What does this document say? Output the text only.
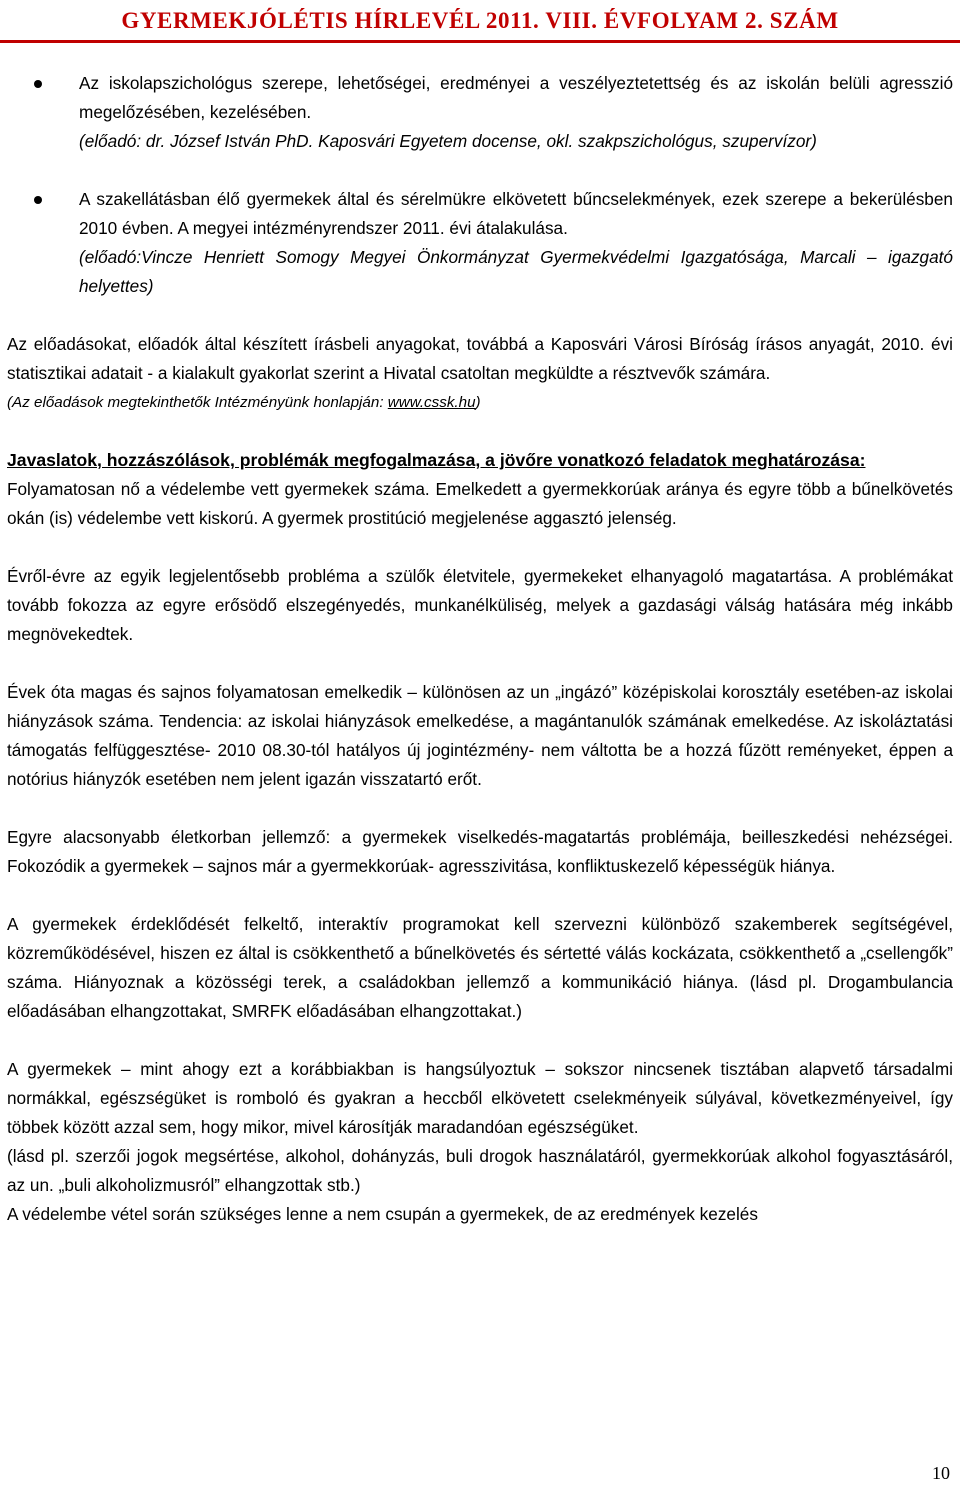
GYERMEKJÓLÉTIS HÍRLEVÉL 2011. VIII. ÉVFOLYAM 2. SZÁM

Az iskolapszichológus szerepe, lehetőségei, eredményei a veszélyeztetettség és az iskolán belüli agresszió megelőzésében, kezelésében.

(előadó: dr. József István PhD. Kaposvári Egyetem docense, okl. szakpszichológus, szupervízor)

A szakellátásban élő gyermekek által és sérelmükre elkövetett bűncselekmények, ezek szerepe a bekerülésben 2010 évben. A megyei intézményrendszer 2011. évi átalakulása.

(előadó:Vincze Henriett Somogy Megyei Önkormányzat Gyermekvédelmi Igazgatósága, Marcali – igazgató helyettes)

Az előadásokat, előadók által készített írásbeli anyagokat, továbbá a Kaposvári Városi Bíróság írásos anyagát, 2010. évi statisztikai adatait - a kialakult gyakorlat szerint a Hivatal csatoltan megküldte a résztvevők számára.

(Az előadások megtekinthetők Intézményünk honlapján: www.cssk.hu)

Javaslatok, hozzászólások, problémák megfogalmazása, a jövőre vonatkozó feladatok meghatározása:

Folyamatosan nő a védelembe vett gyermekek száma. Emelkedett a gyermekkorúak aránya és egyre több a bűnelkövetés okán (is) védelembe vett kiskorú. A gyermek prostitúció megjelenése aggasztó jelenség.

Évről-évre az egyik legjelentősebb probléma a szülők életvitele, gyermekeket elhanyagoló magatartása. A problémákat tovább fokozza az egyre erősödő elszegényedés, munkanélküliség, melyek a gazdasági válság hatására még inkább megnövekedtek.

Évek óta magas és sajnos folyamatosan emelkedik – különösen az un „ingázó” középiskolai korosztály esetében-az iskolai hiányzások száma. Tendencia: az iskolai hiányzások emelkedése, a magántanulók számának emelkedése. Az iskoláztatási támogatás felfüggesztése- 2010 08.30-tól hatályos új jogintézmény- nem váltotta be a hozzá fűzött reményeket, éppen a notórius hiányzók esetében nem jelent igazán visszatartó erőt.

Egyre alacsonyabb életkorban jellemző: a gyermekek viselkedés-magatartás problémája, beilleszkedési nehézségei. Fokozódik a gyermekek – sajnos már a gyermekkorúak- agresszivitása, konfliktuskezelő képességük hiánya.

A gyermekek érdeklődését felkeltő, interaktív programokat kell szervezni különböző szakemberek segítségével, közreműködésével, hiszen ez által is csökkenthető a bűnelkövetés és sértetté válás kockázata, csökkenthető a „csellengők” száma. Hiányoznak a közösségi terek, a családokban jellemző a kommunikáció hiánya. (lásd pl. Drogambulancia előadásában elhangzottakat, SMRFK előadásában elhangzottakat.)

A gyermekek – mint ahogy ezt a korábbiakban is hangsúlyoztuk – sokszor nincsenek tisztában alapvető társadalmi normákkal, egészségüket is romboló és gyakran a heccből elkövetett cselekményeik súlyával, következményeivel, így többek között azzal sem, hogy mikor, mivel károsítják maradandóan egészségüket.

(lásd pl. szerzői jogok megsértése, alkohol, dohányzás, buli drogok használatáról, gyermekkorúak alkohol fogyasztásáról, az un. „buli alkoholizmusról” elhangzottak stb.)

A védelembe vétel során szükséges lenne a nem csupán a gyermekek, de az eredmények kezelés

10
